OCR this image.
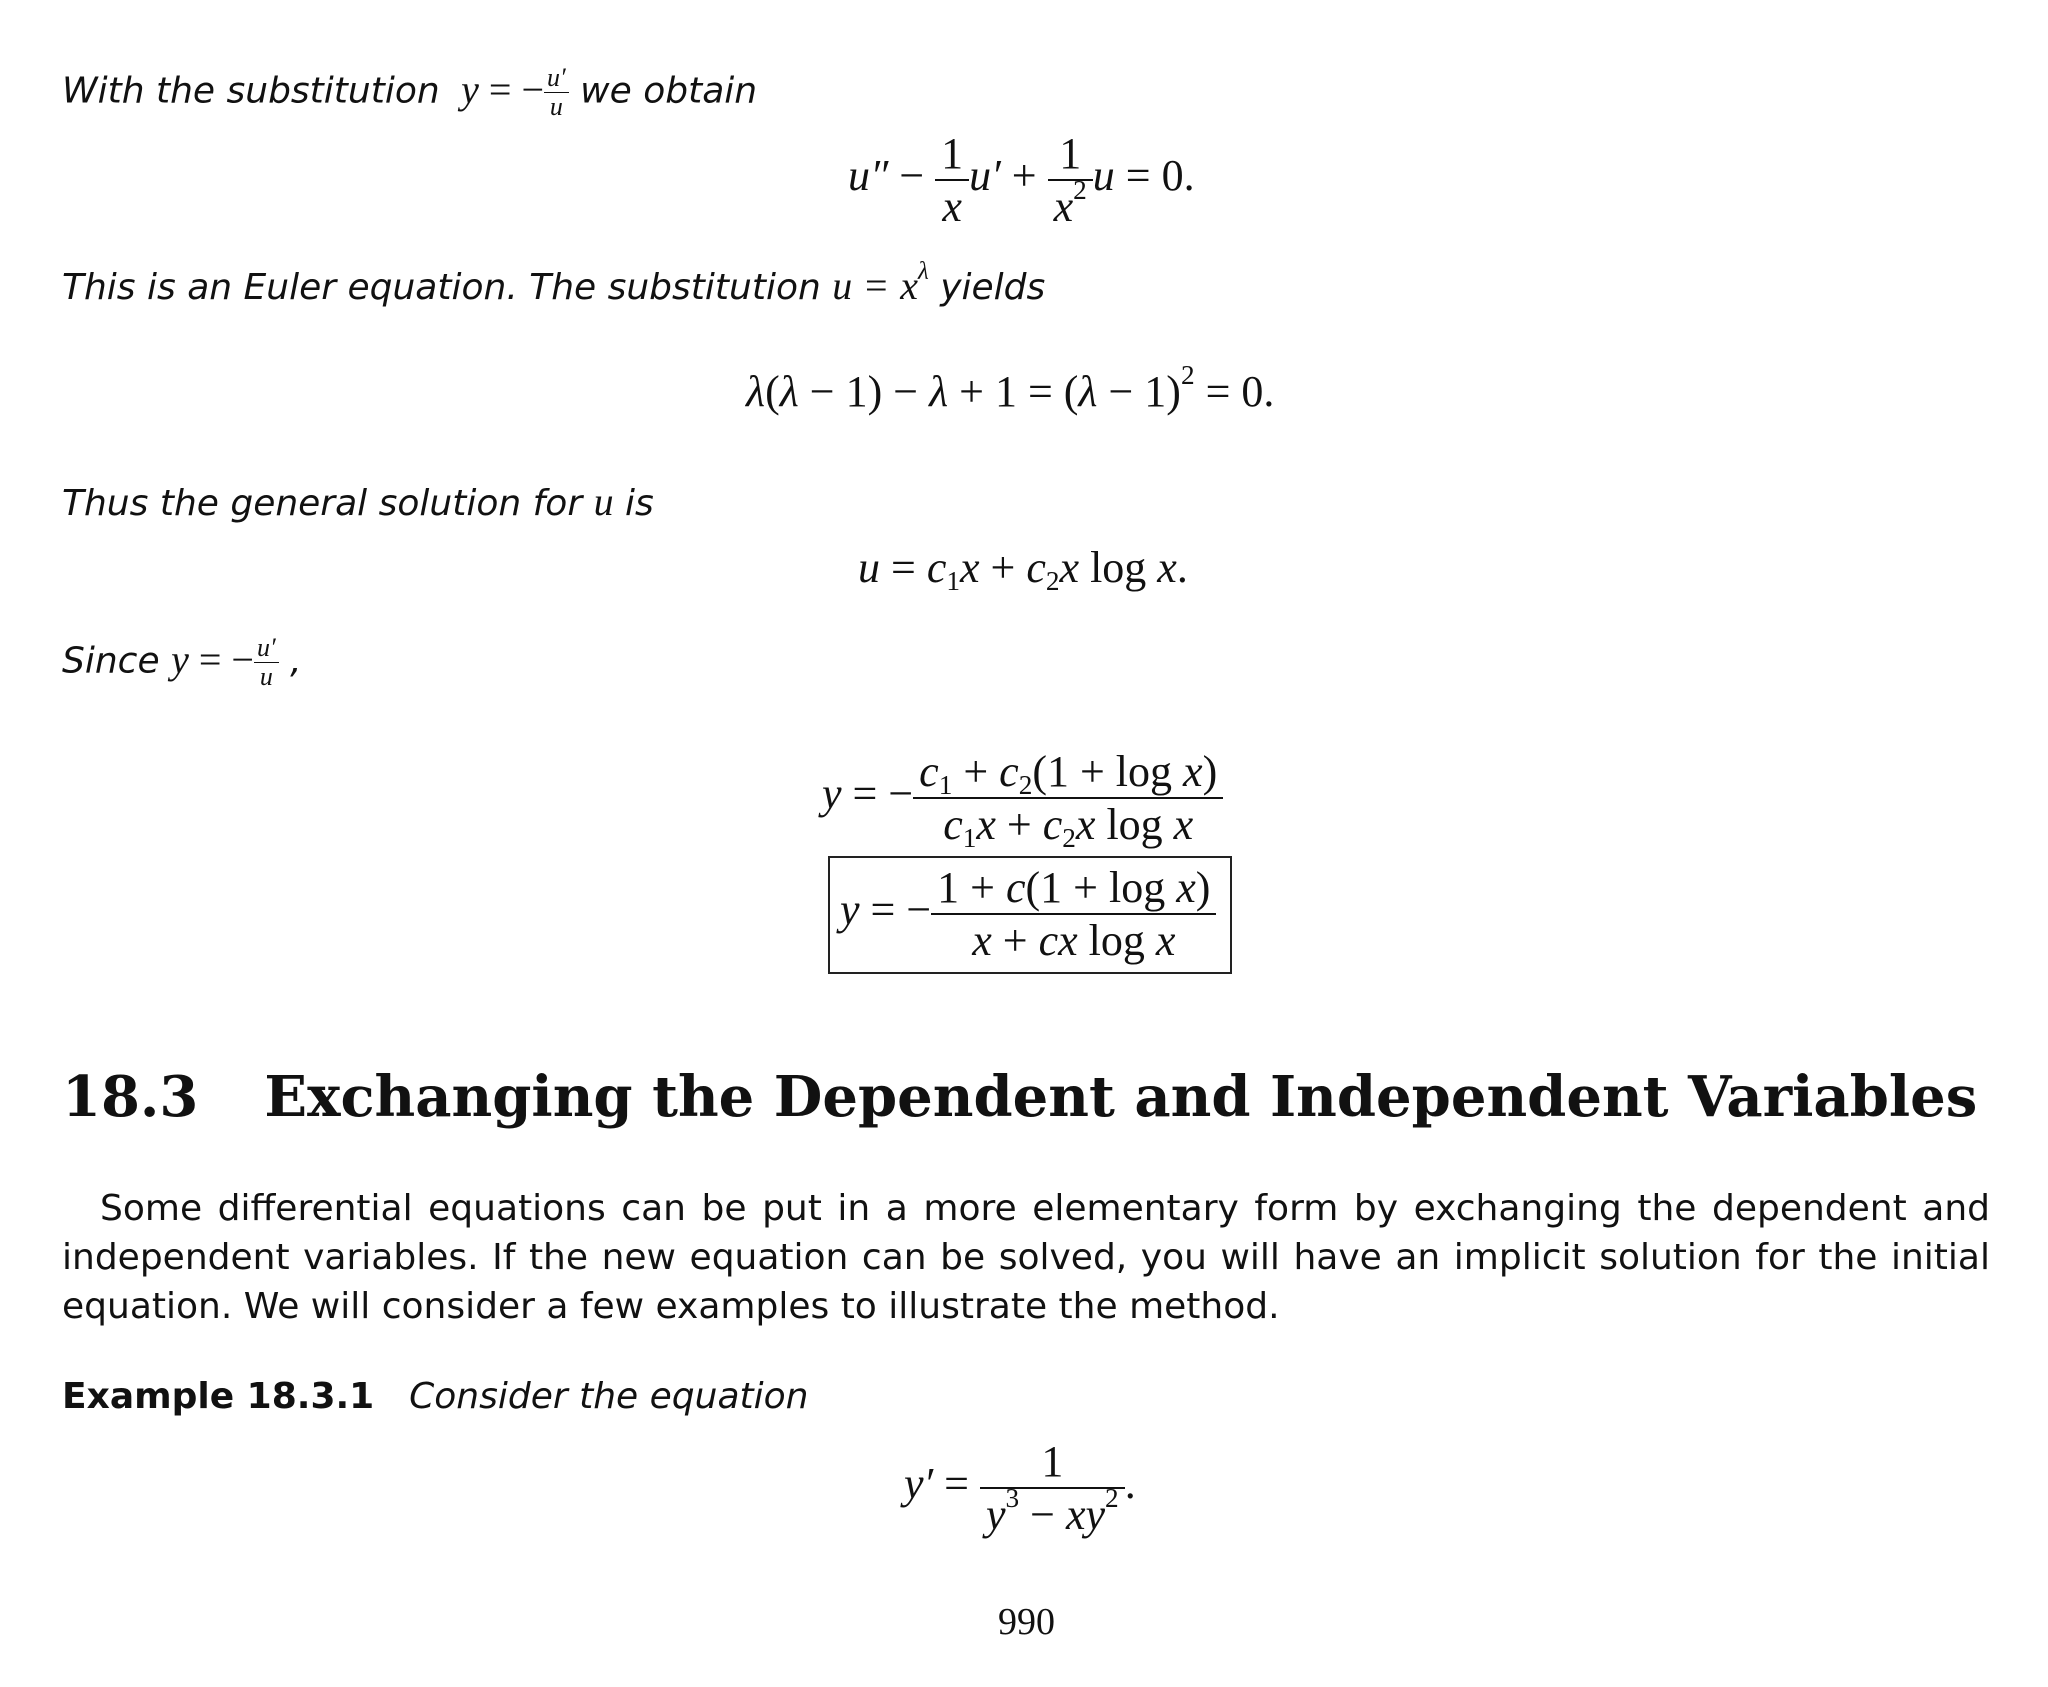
With the substitution  y = − $\frac{u'}{u}$ we obtain
$u'' - \frac{1}{x} u' + \frac{1}{x^2}$ u = 0.
This is an Euler equation. The substitution $u = x^\lambda$ yields
$\lambda(\lambda - 1) - \lambda + 1 = (\lambda - 1)^2 = 0$.
Thus the general solution for u is
$u = c_1x + c_2x$ log x.
Since y = − $\frac{u'}{u}$ ,
y = − $\frac{c_1 + c_2(1 + \log x)}{c_1x + c_2x \log x}$
y = − $\frac{\text{1 + c(1 + log x)}}{\text{x + cx log x}}$
18.3 Exchanging the Dependent and Independent Variables
Some differential equations can be put in a more elementary form by exchanging the dependent and independent variables. If the new equation can be solved, you will have an implicit solution for the initial equation. We will consider a few examples to illustrate the method.
Example 18.3.1 Consider the equation
$y' = \frac{1}{y^3 - xy^2}$ .
990
